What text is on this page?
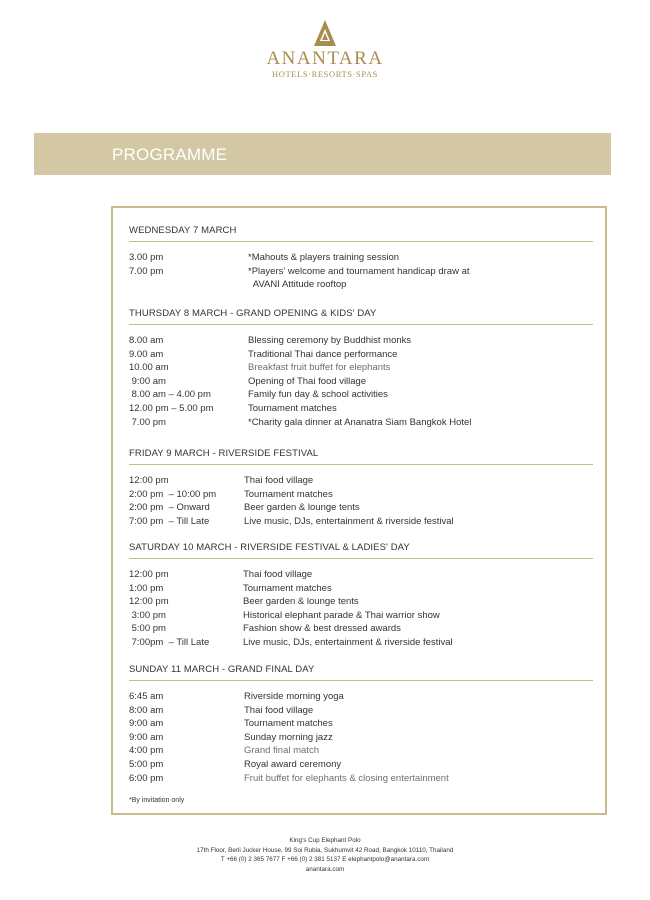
ANANTARA
HOTELS·RESORTS·SPAS
PROGRAMME
WEDNESDAY 7 MARCH
3.00 pm	*Mahouts & players training session
7.00 pm	*Players' welcome and tournament handicap draw at
AVANI Attitude rooftop
THURSDAY 8 MARCH - GRAND OPENING & KIDS' DAY
8.00 am	Blessing ceremony by Buddhist monks
9.00 am	Traditional Thai dance performance
10.00 am	Breakfast fruit buffet for elephants
9:00 am	Opening of Thai food village
8.00 am – 4.00 pm	Family fun day & school activities
12.00 pm – 5.00 pm	Tournament matches
7.00 pm	*Charity gala dinner at Ananatra Siam Bangkok Hotel
FRIDAY 9 MARCH - RIVERSIDE FESTIVAL
12:00 pm	Thai food village
2:00 pm  – 10:00 pm	Tournament matches
2:00 pm  – Onward	Beer garden & lounge tents
7:00 pm  – Till Late	Live music, DJs, entertainment & riverside festival
SATURDAY 10 MARCH - RIVERSIDE FESTIVAL & LADIES' DAY
12:00 pm	Thai food village
1:00 pm	Tournament matches
12:00 pm	Beer garden & lounge tents
3:00 pm	Historical elephant parade & Thai warrior show
5:00 pm	Fashion show & best dressed awards
7:00pm  – Till Late	Live music, DJs, entertainment & riverside festival
SUNDAY 11 MARCH - GRAND FINAL DAY
6:45 am	Riverside morning yoga
8:00 am	Thai food village
9:00 am	Tournament matches
9:00 am	Sunday morning jazz
4:00 pm	Grand final match
5:00 pm	Royal award ceremony
6:00 pm	Fruit buffet for elephants & closing entertainment
*By invitation only
King's Cup Elephant Polo
17th Floor, Berli Jucker House, 99 Soi Rubia, Sukhumvit 42 Road, Bangkok 10110, Thailand
T +66 (0) 2 365 7677 F +66 (0) 2 381 5137 E elephantpolo@anantara.com
anantara.com
